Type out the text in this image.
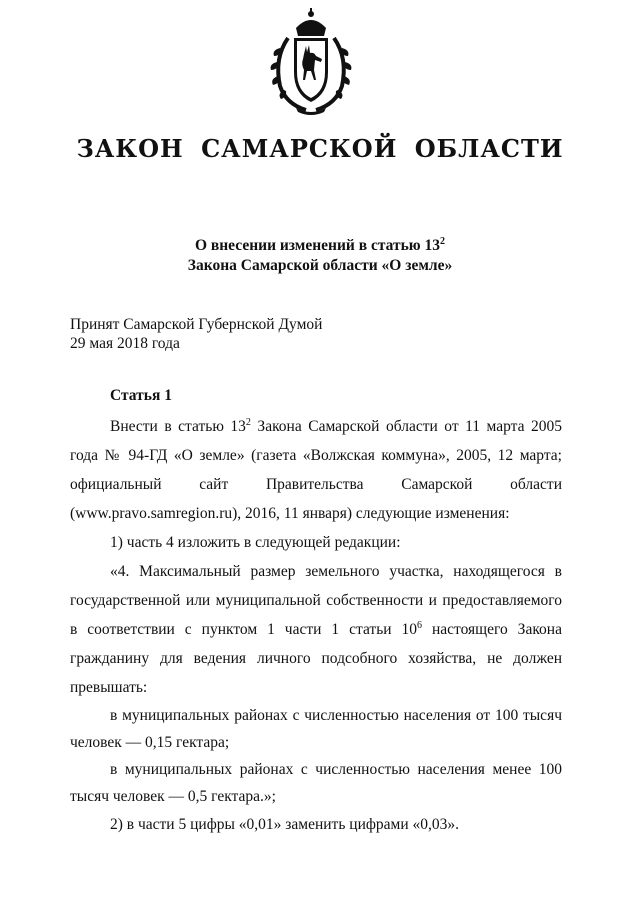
ЗАКОН САМАРСКОЙ ОБЛАСТИ
О внесении изменений в статью $13^2$
Закона Самарской области «О земле»
Принят Самарской Губернской Думой
29 мая 2018 года
Статья 1

Внести в статью $13^2$ Закона Самарской области от 11 марта 2005 года № 94-ГД «О земле» (газета «Волжская коммуна», 2005, 12 марта; официальный сайт Правительства Самарской области (www.pravo.samregion.ru), 2016, 11 января) следующие изменения:

1) часть 4 изложить в следующей редакции:

«4. Максимальный размер земельного участка, находящегося в государственной или муниципальной собственности и предоставляемого в соответствии с пунктом 1 части 1 статьи $10^6$ настоящего Закона гражданину для ведения личного подсобного хозяйства, не должен превышать:

в муниципальных районах с численностью населения от 100 тысяч человек — 0,15 гектара;

в муниципальных районах с численностью населения менее 100 тысяч человек — 0,5 гектара.»;

2) в части 5 цифры «0,01» заменить цифрами «0,03».
